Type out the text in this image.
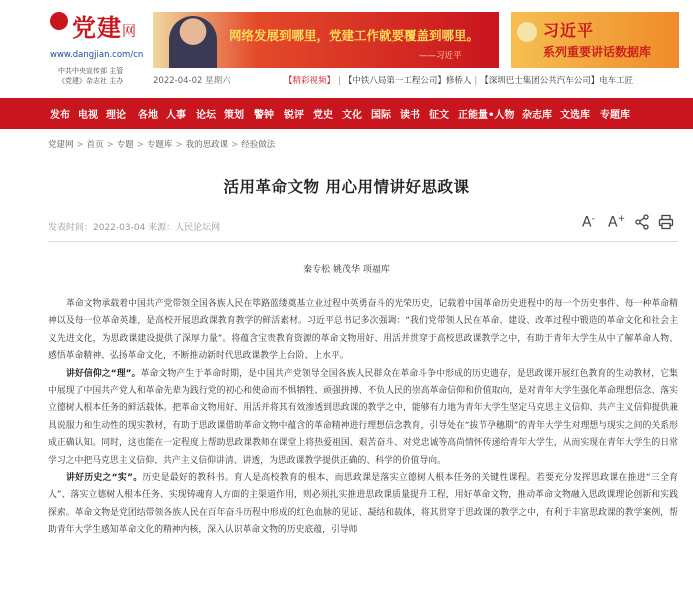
党建网
www.dangjian.com/cn
中共中央宣传部 主管
《党建》杂志社 主办
网络发展到哪里，党建工作就要覆盖到哪里。
——习近平
习近平
系列重要讲话数据库
2022-04-02 星期六	【精彩视频】 | 【中铁八局第一工程公司】修桥人 | 【深圳巴士集团公共汽车公司】电车工匠
发布 电视 理论 各地 人事 论坛 策划 警钟 锐评 党史 文化 国际 读书 征文 正能量•人物 杂志库 文选库 专题库
党建网 > 首页 > 专题 > 专题库 > 我的思政课 > 经验做法
活用革命文物 用心用情讲好思政课
发表时间：2022-03-04 来源：人民论坛网	A- A+
秦专松 姚茂华 项福库

革命文物承载着中国共产党带领全国各族人民在筚路蓝缕奠基立业过程中英勇奋斗的光荣历史，记载着中国革命历史进程中的每一个历史事件、每一种革命精神以及每一位革命英雄，是高校开展思政课教育教学的鲜活素材。习近平总书记多次强调：“我们党带领人民在革命、建设、改革过程中锻造的革命文化和社会主义先进文化，为思政课建设提供了深厚力量”。将蕴含宝贵教育资源的革命文物用好、用活并贯穿于高校思政课教学之中，有助于青年大学生从中了解革命人物、感悟革命精神、弘扬革命文化，不断推动新时代思政课教学上台阶、上水平。

讲好信仰之“理”。革命文物产生于革命时期，是中国共产党领导全国各族人民群众在革命斗争中形成的历史遗存，是思政课开展红色教育的生动教材，它集中展现了中国共产党人和革命先辈为践行党的初心和使命而不惧牺牲、顽强拼搏、不负人民的崇高革命信仰和价值取向，是对青年大学生强化革命理想信念、落实立德树人根本任务的鲜活载体。把革命文物用好、用活并将其有效渗透到思政课的教学之中，能够有力地为青年大学生坚定马克思主义信仰、共产主义信仰提供兼具说服力和生动性的现实教材，有助于思政课借助革命文物中蕴含的革命精神进行理想信念教育，引导处在“拔节孕穗期”的青年大学生对理想与现实之间的关系形成正确认知。同时，这也能在一定程度上帮助思政课教师在课堂上将热爱祖国、艰苦奋斗、对党忠诚等高尚情怀传递给青年大学生，从而实现在青年大学生的日常学习之中把马克思主义信仰、共产主义信仰讲清、讲透，为思政课教学提供正确的、科学的价值导向。

讲好历史之“实”。历史是最好的教科书。育人是高校教育的根本，而思政课是落实立德树人根本任务的关键性课程。若要充分发挥思政课在推进“三全育人”、落实立德树人根本任务、实现铸魂育人方面的主渠道作用，则必须扎实推进思政课质量提升工程，用好革命文物，推动革命文物融入思政课理论创新和实践探索。革命文物是党团结带领各族人民在百年奋斗历程中形成的红色血脉的见证、凝结和载体，将其贯穿于思政课的教学之中，有利于丰富思政课的教学案例，帮助青年大学生感知革命文化的精神内核，深入认识革命文物的历史底蕴，引导师
